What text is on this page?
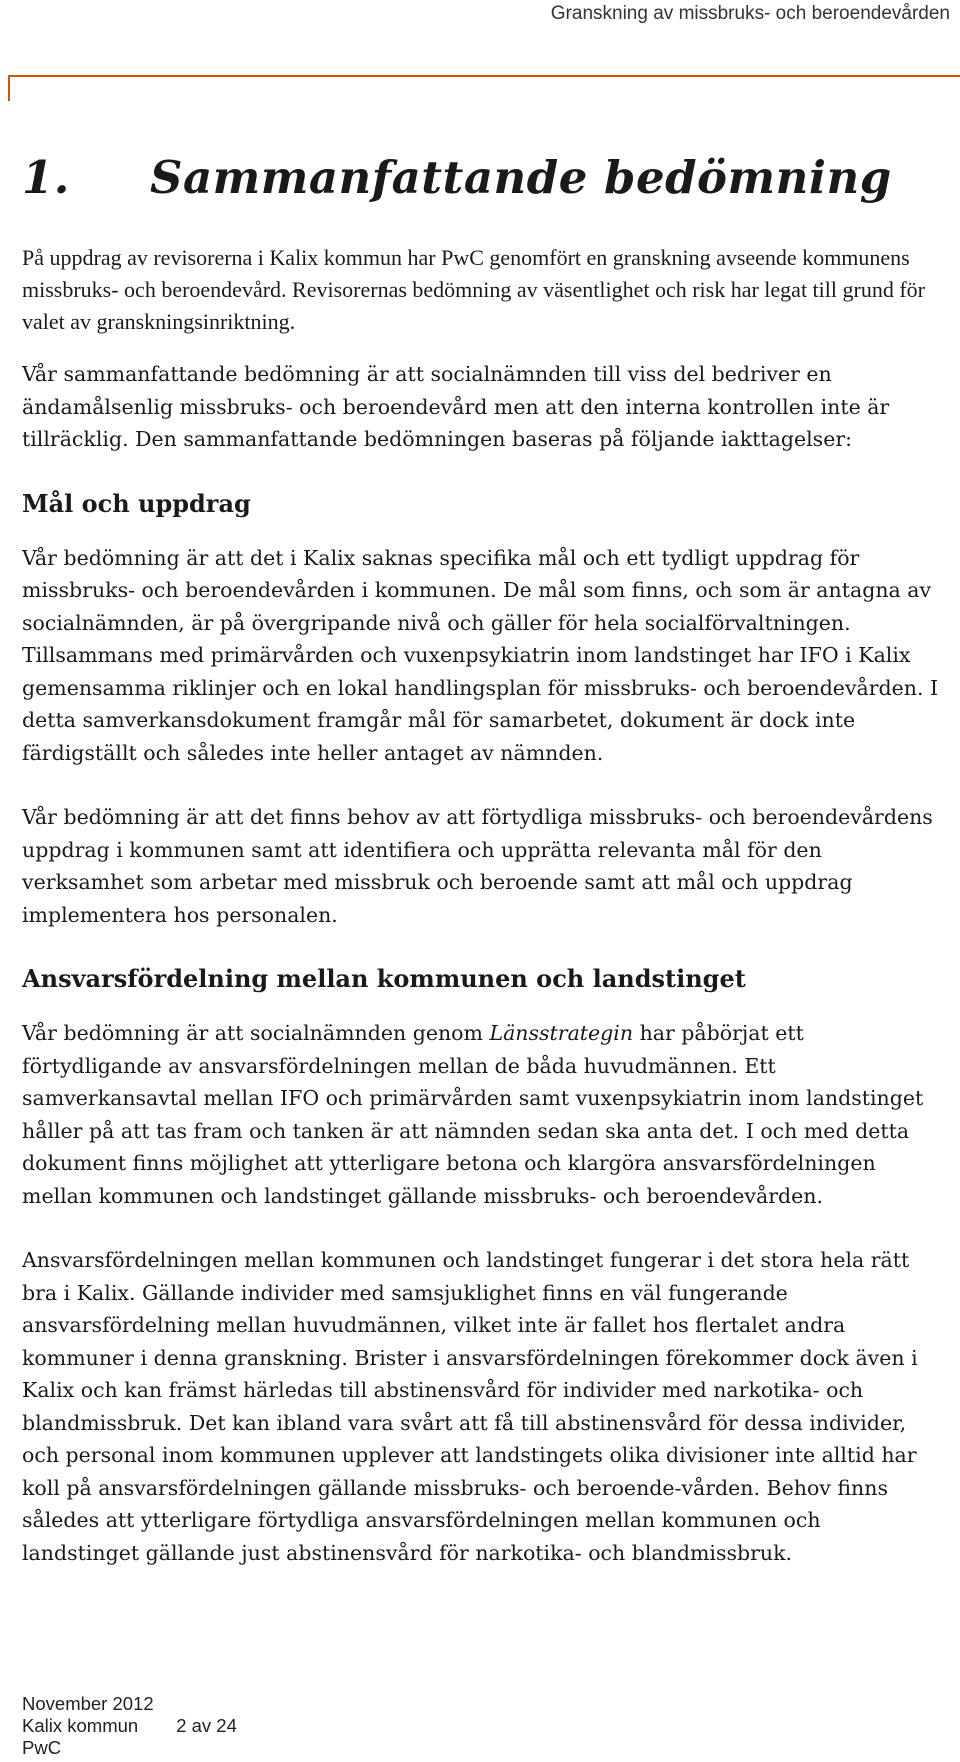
Granskning av missbruks- och beroendevården
1. Sammanfattande bedömning

På uppdrag av revisorerna i Kalix kommun har PwC genomfört en granskning avseende kommunens missbruks- och beroendevård. Revisorernas bedömning av väsentlighet och risk har legat till grund för valet av granskningsinriktning.

Vår sammanfattande bedömning är att socialnämnden till viss del bedriver en ändamålsenlig missbruks- och beroendevård men att den interna kontrollen inte är tillräcklig. Den sammanfattande bedömningen baseras på följande iakttagelser:

Mål och uppdrag

Vår bedömning är att det i Kalix saknas specifika mål och ett tydligt uppdrag för missbruks- och beroendevården i kommunen. De mål som finns, och som är antagna av socialnämnden, är på övergripande nivå och gäller för hela socialförvaltningen. Tillsammans med primärvården och vuxenpsykiatrin inom landstinget har IFO i Kalix gemensamma riklinjer och en lokal handlingsplan för missbruks- och beroendevården. I detta samverkansdokument framgår mål för samarbetet, dokument är dock inte färdigställt och således inte heller antaget av nämnden.

Vår bedömning är att det finns behov av att förtydliga missbruks- och beroendevårdens uppdrag i kommunen samt att identifiera och upprätta relevanta mål för den verksamhet som arbetar med missbruk och beroende samt att mål och uppdrag implementera hos personalen.

Ansvarsfördelning mellan kommunen och landstinget

Vår bedömning är att socialnämnden genom Länsstrategin har påbörjat ett förtydligande av ansvarsfördelningen mellan de båda huvudmännen. Ett samverkansavtal mellan IFO och primärvården samt vuxenpsykiatrin inom landstinget håller på att tas fram och tanken är att nämnden sedan ska anta det. I och med detta dokument finns möjlighet att ytterligare betona och klargöra ansvarsfördelningen mellan kommunen och landstinget gällande missbruks- och beroendevården.

Ansvarsfördelningen mellan kommunen och landstinget fungerar i det stora hela rätt bra i Kalix. Gällande individer med samsjuklighet finns en väl fungerande ansvarsfördelning mellan huvudmännen, vilket inte är fallet hos flertalet andra kommuner i denna granskning. Brister i ansvarsfördelningen förekommer dock även i Kalix och kan främst härledas till abstinensvård för individer med narkotika- och blandmissbruk. Det kan ibland vara svårt att få till abstinensvård för dessa individer, och personal inom kommunen upplever att landstingets olika divisioner inte alltid har koll på ansvarsfördelningen gällande missbruks- och beroende-vården. Behov finns således att ytterligare förtydliga ansvarsfördelningen mellan kommunen och landstinget gällande just abstinensvård för narkotika- och blandmissbruk.

November 2012
Kalix kommun 2 av 24
PwC
